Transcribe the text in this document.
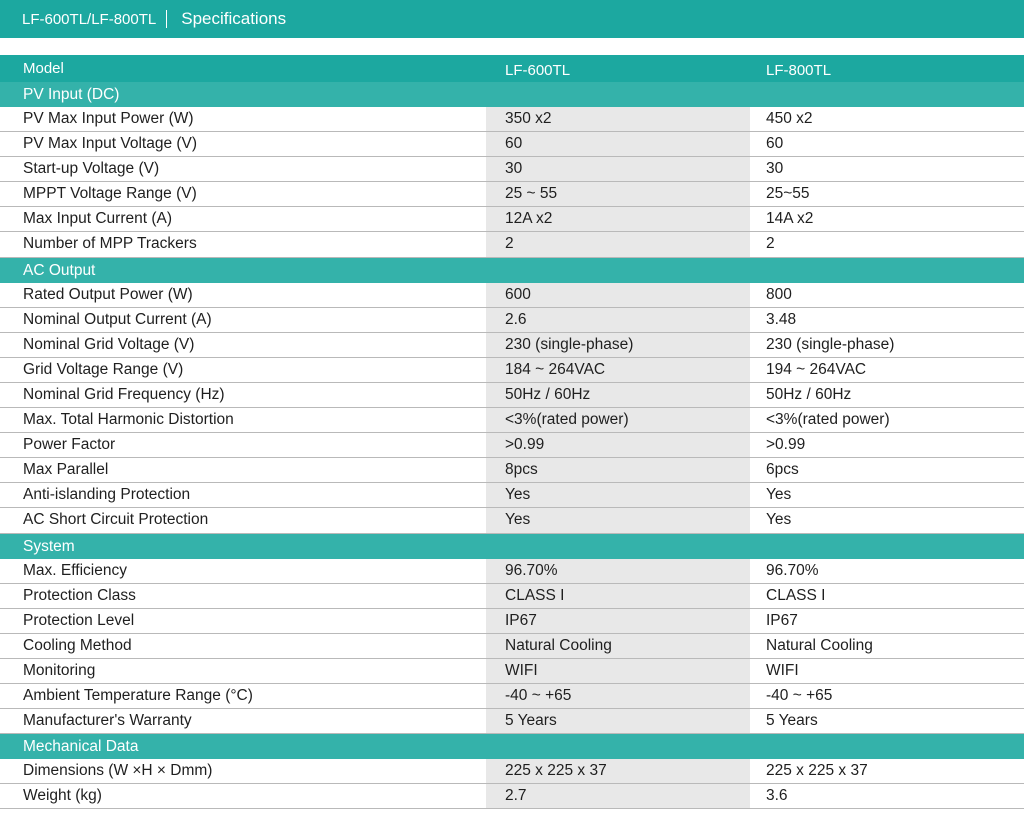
LF-600TL/LF-800TL Specifications
Model	LF-600TL	LF-800TL
PV Input (DC)
PV Max Input Power (W)	350 x2	450 x2
PV Max Input Voltage (V)	60	60
Start-up Voltage (V)	30	30
MPPT Voltage Range (V)	25 ~ 55	25~55
Max Input Current (A)	12A x2	14A x2
Number of MPP Trackers	2	2
AC Output
Rated Output Power (W)	600	800
Nominal Output Current (A)	2.6	3.48
Nominal Grid Voltage (V)	230 (single-phase)	230 (single-phase)
Grid Voltage Range (V)	184 ~ 264VAC	194 ~ 264VAC
Nominal Grid Frequency (Hz)	50Hz / 60Hz	50Hz / 60Hz
Max. Total Harmonic Distortion	<3%(rated power)	<3%(rated power)
Power Factor	>0.99	>0.99
Max Parallel	8pcs	6pcs
Anti-islanding Protection	Yes	Yes
AC Short Circuit Protection	Yes	Yes
System
Max. Efficiency	96.70%	96.70%
Protection Class	CLASS I	CLASS I
Protection Level	IP67	IP67
Cooling Method	Natural Cooling	Natural Cooling
Monitoring	WIFI	WIFI
Ambient Temperature Range (°C)	-40 ~ +65	-40 ~ +65
Manufacturer's Warranty	5 Years	5 Years
Mechanical Data
Dimensions (W ×H × Dmm)	225 x 225 x 37	225 x 225 x 37
Weight (kg)	2.7	3.6
